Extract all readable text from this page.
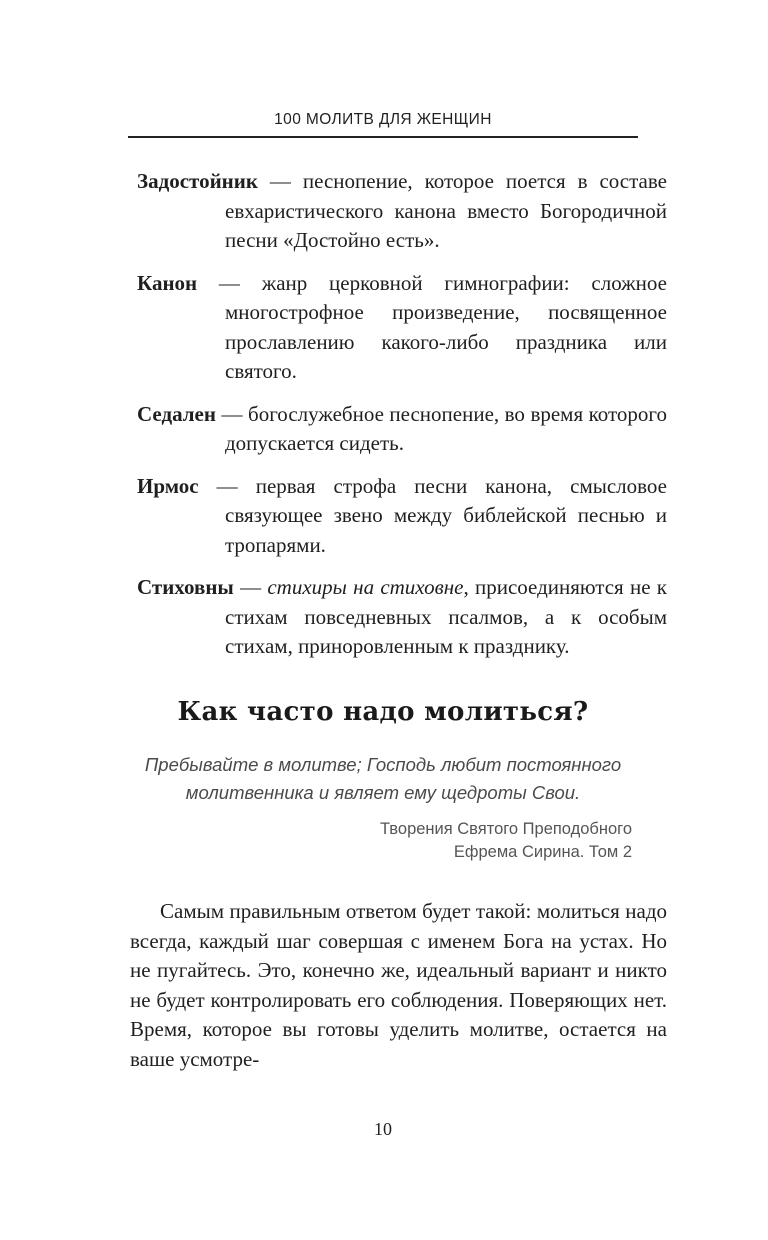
100 МОЛИТВ ДЛЯ ЖЕНЩИН

Задостойник — песнопение, которое поется в составе евхаристического канона вместо Богородичной песни «Достойно есть».

Канон — жанр церковной гимнографии: сложное многострофное произведение, посвященное прославлению какого-либо праздника или святого.

Седален — богослужебное песнопение, во время которого допускается сидеть.

Ирмос — первая строфа песни канона, смысловое связующее звено между библейской песнью и тропарями.

Стиховны — стихиры на стиховне, присоединяются не к стихам повседневных псалмов, а к особым стихам, приноровленным к празднику.

Как часто надо молиться?
Пребывайте в молитве; Господь любит постоянного молитвенника и являет ему щедроты Свои.
Творения Святого Преподобного
Ефрема Сирина. Том 2

Самым правильным ответом будет такой: молиться надо всегда, каждый шаг совершая с именем Бога на устах. Но не пугайтесь. Это, конечно же, идеальный вариант и никто не будет контролировать его соблюдения. Поверяющих нет. Время, которое вы готовы уделить молитве, остается на ваше усмотре-

10
